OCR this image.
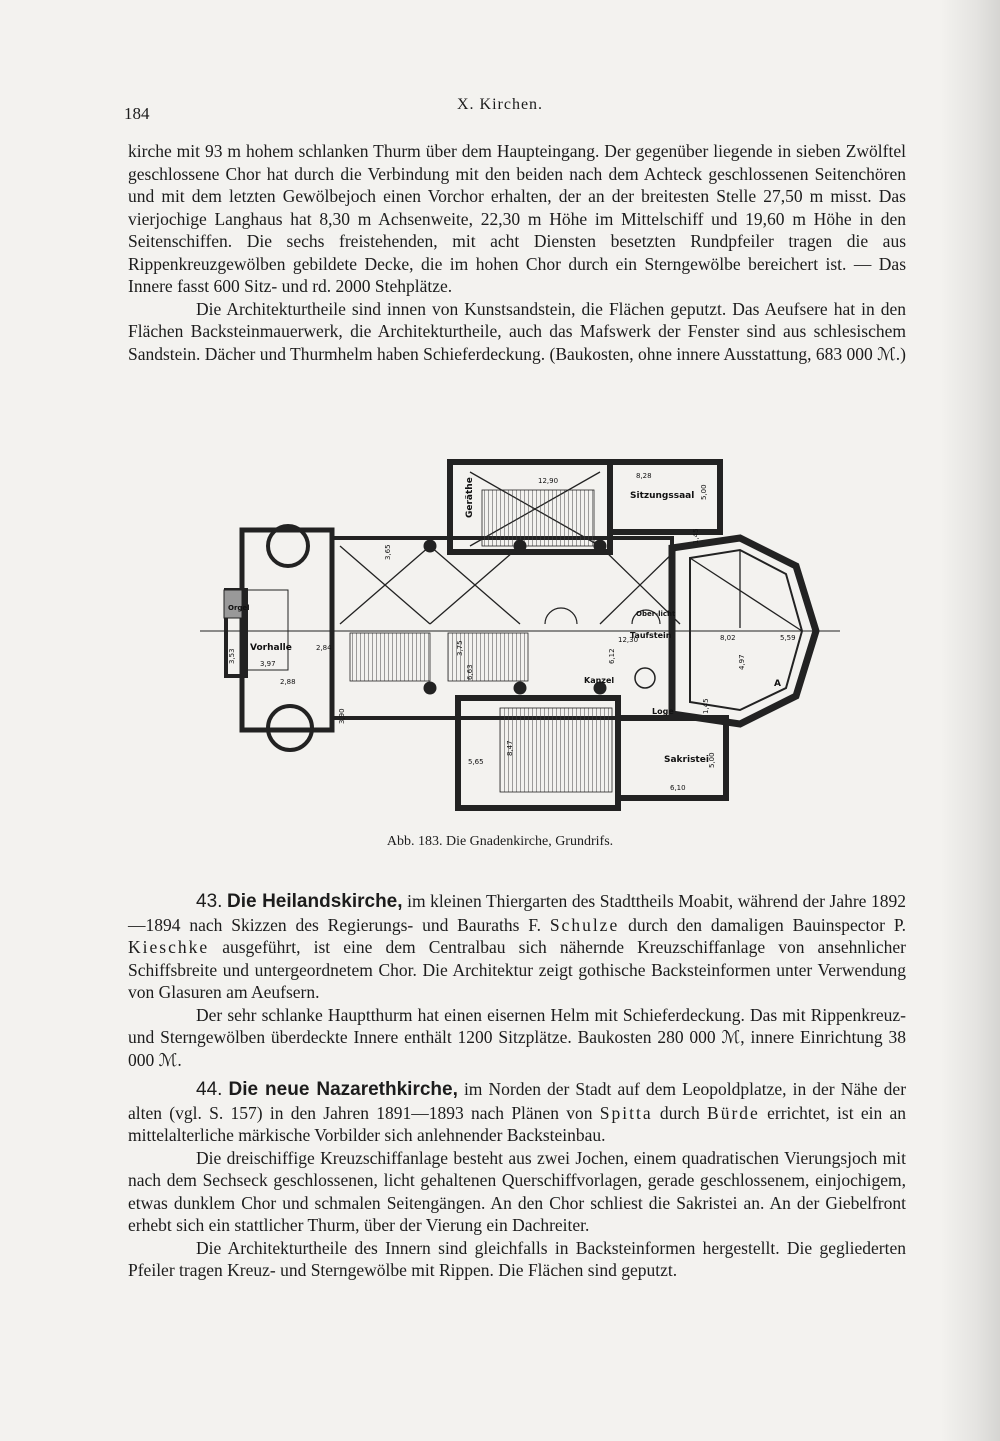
184	X. Kirchen.

kirche mit 93 m hohem schlanken Thurm über dem Haupteingang. Der gegenüber liegende in sieben Zwölftel geschlossene Chor hat durch die Verbindung mit den beiden nach dem Achteck geschlossenen Seitenchören und mit dem letzten Gewölbejoch einen Vorchor erhalten, der an der breitesten Stelle 27,50 m misst. Das vierjochige Langhaus hat 8,30 m Achsenweite, 22,30 m Höhe im Mittelschiff und 19,60 m Höhe in den Seitenschiffen. Die sechs freistehenden, mit acht Diensten besetzten Rundpfeiler tragen die aus Rippenkreuzgewölben gebildete Decke, die im hohen Chor durch ein Sterngewölbe bereichert ist. — Das Innere fasst 600 Sitz- und rd. 2000 Stehplätze.

Die Architekturtheile sind innen von Kunstsandstein, die Flächen geputzt. Das Aeufsere hat in den Flächen Backsteinmauerwerk, die Architekturtheile, auch das Mafswerk der Fenster sind aus schlesischem Sandstein. Dächer und Thurmhelm haben Schieferdeckung. (Baukosten, ohne innere Ausstattung, 683 000 ℳ.)

Sitzungssaal
Geräthe
Vorhalle
Orgel
Taufstein
Ober-licht
Kanzel
Loge
Sakristei
A
12,90
8,28
5,00
3,65
3,53	3,97
2,84
2,88
3,75
6,63
6,12
12,30	8,02	5,59
4,97
8,47
5,65	5,00
6,10
1,45
1,45
3,90
Abb. 183. Die Gnadenkirche, Grundrifs.

43. Die Heilandskirche, im kleinen Thiergarten des Stadttheils Moabit, während der Jahre 1892—1894 nach Skizzen des Regierungs- und Bauraths F. Schulze durch den damaligen Bauinspector P. Kieschke ausgeführt, ist eine dem Centralbau sich nähernde Kreuzschiffanlage von ansehnlicher Schiffsbreite und untergeordnetem Chor. Die Architektur zeigt gothische Backsteinformen unter Verwendung von Glasuren am Aeufsern.

Der sehr schlanke Hauptthurm hat einen eisernen Helm mit Schieferdeckung. Das mit Rippenkreuz- und Sterngewölben überdeckte Innere enthält 1200 Sitzplätze. Baukosten 280 000 ℳ, innere Einrichtung 38 000 ℳ.

44. Die neue Nazarethkirche, im Norden der Stadt auf dem Leopoldplatze, in der Nähe der alten (vgl. S. 157) in den Jahren 1891—1893 nach Plänen von Spitta durch Bürde errichtet, ist ein an mittelalterliche märkische Vorbilder sich anlehnender Backsteinbau.

Die dreischiffige Kreuzschiffanlage besteht aus zwei Jochen, einem quadratischen Vierungsjoch mit nach dem Sechseck geschlossenen, licht gehaltenen Querschiffvorlagen, gerade geschlossenem, einjochigem, etwas dunklem Chor und schmalen Seitengängen. An den Chor schliest die Sakristei an. An der Giebelfront erhebt sich ein stattlicher Thurm, über der Vierung ein Dachreiter.

Die Architekturtheile des Innern sind gleichfalls in Backsteinformen hergestellt. Die gegliederten Pfeiler tragen Kreuz- und Sterngewölbe mit Rippen. Die Flächen sind geputzt.
